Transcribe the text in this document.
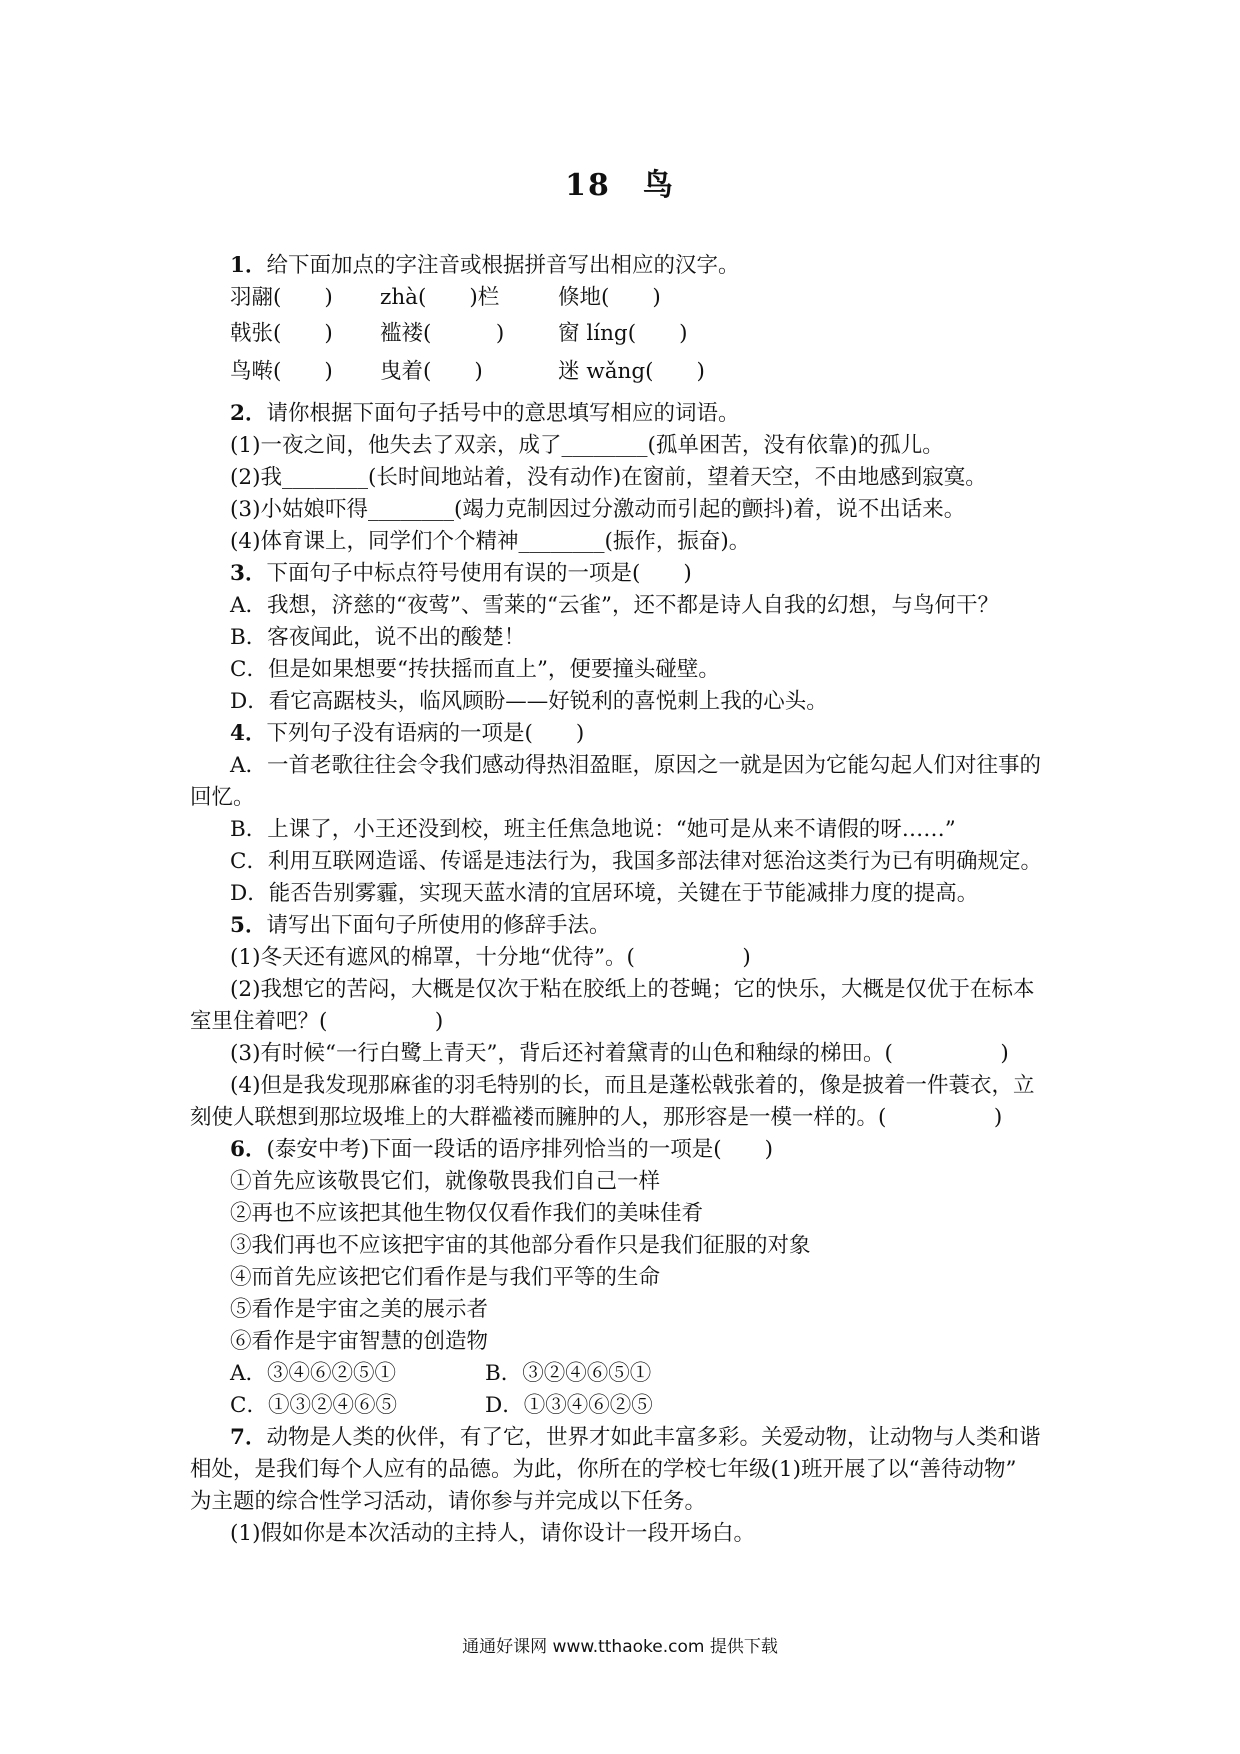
18　鸟
1．给下面加点的字注音或根据拼音写出相应的汉字。
羽翮(　　) zhà(　　)栏	倏地(　　)
戟张(　　) 褴褛(　　　) 窗 líng(　　)
鸟啭(　　) 曳着(　　)	迷 wǎng(　　)
2．请你根据下面句子括号中的意思填写相应的词语。
(1)一夜之间，他失去了双亲，成了________(孤单困苦，没有依靠)的孤儿。
(2)我________(长时间地站着，没有动作)在窗前，望着天空，不由地感到寂寞。
(3)小姑娘吓得________(竭力克制因过分激动而引起的颤抖)着，说不出话来。
(4)体育课上，同学们个个精神________(振作，振奋)。
3．下面句子中标点符号使用有误的一项是(　　)
A．我想，济慈的“夜莺”、雪莱的“云雀”，还不都是诗人自我的幻想，与鸟何干？
B．客夜闻此，说不出的酸楚！
C．但是如果想要“抟扶摇而直上”，便要撞头碰壁。
D．看它高踞枝头，临风顾盼——好锐利的喜悦刺上我的心头。
4．下列句子没有语病的一项是(　　)
A．一首老歌往往会令我们感动得热泪盈眶，原因之一就是因为它能勾起人们对往事的
回忆。
B．上课了，小王还没到校，班主任焦急地说：“她可是从来不请假的呀……”
C．利用互联网造谣、传谣是违法行为，我国多部法律对惩治这类行为已有明确规定。
D．能否告别雾霾，实现天蓝水清的宜居环境，关键在于节能减排力度的提高。
5．请写出下面句子所使用的修辞手法。
(1)冬天还有遮风的棉罩，十分地“优待”。(　　　　　)
(2)我想它的苦闷，大概是仅次于粘在胶纸上的苍蝇；它的快乐，大概是仅优于在标本
室里住着吧？(　　　　　)
(3)有时候“一行白鹭上青天”，背后还衬着黛青的山色和釉绿的梯田。(　　　　　)
(4)但是我发现那麻雀的羽毛特别的长，而且是蓬松戟张着的，像是披着一件蓑衣，立
刻使人联想到那垃圾堆上的大群褴褛而臃肿的人，那形容是一模一样的。(　　　　　)
6．(泰安中考)下面一段话的语序排列恰当的一项是(　　)
①首先应该敬畏它们，就像敬畏我们自己一样
②再也不应该把其他生物仅仅看作我们的美味佳肴
③我们再也不应该把宇宙的其他部分看作只是我们征服的对象
④而首先应该把它们看作是与我们平等的生命
⑤看作是宇宙之美的展示者
⑥看作是宇宙智慧的创造物
A．③④⑥②⑤①	B．③②④⑥⑤①
C．①③②④⑥⑤	D．①③④⑥②⑤
7．动物是人类的伙伴，有了它，世界才如此丰富多彩。关爱动物，让动物与人类和谐
相处，是我们每个人应有的品德。为此，你所在的学校七年级(1)班开展了以“善待动物”
为主题的综合性学习活动，请你参与并完成以下任务。
(1)假如你是本次活动的主持人，请你设计一段开场白。
通通好课网 www.tthaoke.com 提供下载
